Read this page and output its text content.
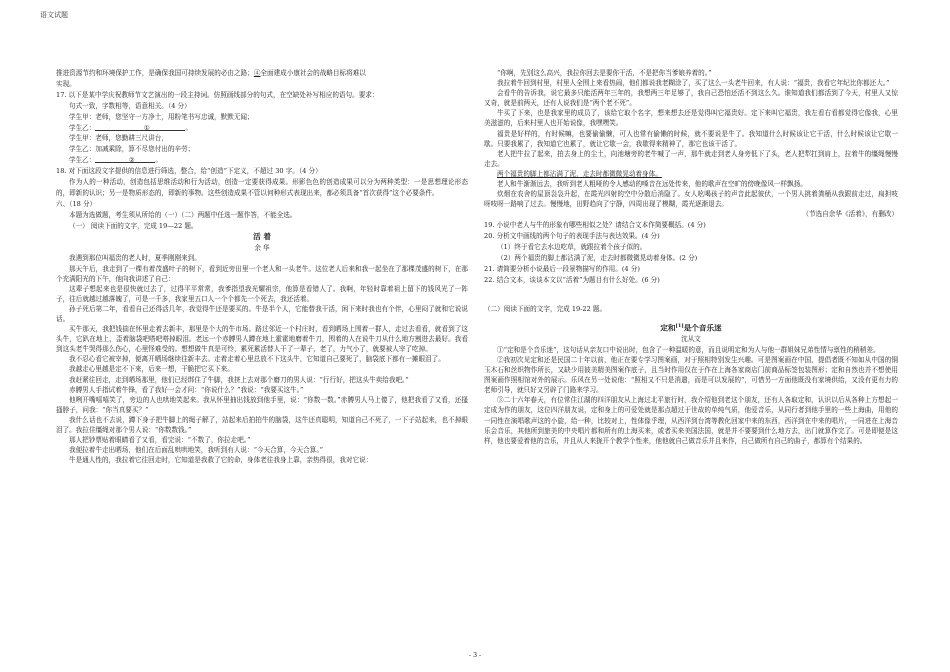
语文试题

推进资源节约和环境保护工作，是确保我国可持续发展的必由之路；④全面建成小康社会的战略目标将难以

实现。

17. 以下是某中学庆祝教师节文艺演出的一段主持词。仿照画线部分的句式，在空缺处补写相应的语句。要求：

句式一致，字数相等，语意相关。（4 分）

学生甲：老师，您坚守一方净土，用粉笔书写忠诚，默默无闻；

学生乙：	①	。

学生甲：老师，您勤耕三尺讲台，

学生乙：加减乘除，算不尽您付出的辛劳；

学生乙：	②	。

18. 对下面这段文字提供的信息进行筛选，整合，给“创造”下定义，不超过 30 字。（4 分）

作为人的一种活动，创造包括思维活动和行为活动，创造一定要获得成果。形影色色的创造成果可以分为两种类型：一是思想理论形态的，即新的认识；另一是物质形态的，即新的事物。这些创造成果不管以何种形式表现出来，都必须具备“首次获得”这个必要条件。

六、（18 分）

本题为选做题，考生须从所给的（一）（二）两题中任选一题作答，不能全选。

（一） 阅读下面的文字，完成 19—22 题。

活 着

余 华

我遇到那位叫福贵的老人时，夏季刚刚来到。

那天午后，我走到了一棵有着茂盛叶子的树下，看到近旁田里一个老人和一头老牛。这位老人后来和我一起坐在了那棵茂盛的树下，在那个充满阳光的下午，他向我讲述了自己：

这辈子想起来也是很快就过去了，过得平平常常，我爹指望我光耀祖宗，他算是看错人了。我啊，年轻时靠着祖上留下的钱风光了一阵子，往后就越过越落魄了，可是一千多，我家里五口人一个个都先一个死去，我还活着。

孙子死后第二年，看看自己还得活几年，我觉得牛还是要买的。牛是半个人，它能替我干活，闲下来时我也有个伴，心里闷了就和它说说话。

买牛那天，我把钱揣在怀里走着去新丰，那里是个大的牛市场。路过邻近一个村庄时，看到晒场上围着一群人，走过去看看，就看到了这头牛，它趴在地上，歪着脑袋吧嗒吧嗒掉眼泪。老远一个赤膊男人蹲在地上霍霍地磨着牛刀，围着的人在说牛刀从什么地方割进去最好。我看到这头老牛哭得那么伤心，心里怪难受的。想想做牛真是可怜，累死累活替人干了一辈子，老了，力气小了，就要被人宰了吃掉。

我不忍心看它被宰掉，便离开晒场继续往新丰去。走着走着心里总放不下这头牛，它知道自己要死了，脑袋底下都有一摊眼泪了。

我越走心里越是定不下来，后来一想，干脆把它买下来。

我赶紧往回走，走到晒场那里，他们已经绑住了牛脚，我挤上去对那个磨刀的男人说：“行行好，把这头牛卖给我吧。”

赤膊男人手指试着牛锋，看了我好一会才问：“你说什么？”我说：“我要买这牛。”

他咧开嘴嘻嘻笑了，旁边的人也哄地笑起来。我从怀里抽出钱放到他手里，说：“你数一数。”赤膊男人马上傻了，他把我看了又看，还搔搔脖子，问我：“你当真要买？”

我什么话也不去说，蹲下身子把牛脚上的绳子解了，站起来后拍拍牛的脑袋，这牛还真聪明，知道自己不死了，一下子站起来，也不掉眼泪了。我拉住缰绳对那个男人说：“你数数钱。”

那人把钞票贴着眼睛看了又看，看完说：“不数了，你拉走吧。”

我便拉着牛走出晒场，他们在后面乱哄哄地笑，我听到有人说：“今天合算，今天合算。”

牛是通人性的，我拉着它往回走时，它知道是我救了它的命，身体老往我身上靠，亲热得很，我对它说：

“你啊，先别这么高兴，我拉你回去是要你干活，不是把你当爹娘养着的。”

我拉着牛回到村里，村里人全围上来看热闹，他们都说我老糊涂了，买了这么一头老牛回来，有人说：“福贵，我看它年纪比你都还大。”

会看牛的告诉我，说它最多只能活两年三年的，我想两三年足够了，我自己恐怕还活不到这么久。谁知道我们都活到了今天，村里人又惊又奇，就是前两天，还有人说我们是“两个老不死”。

牛买了下来，也是我家里的成员了，该给它取个名字，想来想去还是觉得叫它福贵好。定下来叫它福贵，我左看右看都觉得它像我，心里美滋滋的，后来村里人也开始说像，我嘿嘿笑。

福贵是好样的，有时候嘛，也要偷偷懒，可人也常有偷懒的时候，就不要说是牛了。我知道什么时候该让它干活，什么时候该让它歇一歇。只要我累了，我知道它也累了，就让它歇一会，我歇得来精神了，那它也该干活了。

老人把牛拉了起来，拍去身上的尘土，向池塘旁的老牛喊了一声，那牛就走到老人身旁低下了头，老人把犁扛到肩上，拉着牛的缰绳慢慢走去。

两个福贵的脚上都沾满了泥，走去时都微微晃动着身体。

老人和牛渐渐远去，我听到老人粗哑的令人感动的嗓音在远处传来，他的歌声在空旷的傍晚像风一样飘扬。

炊烟在农舍的屋顶袅袅升起，在霞光四射的空中分散后消隐了。女人吆喝孩子的声音此起彼伏，一个男人挑着粪桶从我跟前走过，扁担吱呀吱呀一路响了过去。慢慢地，田野趋向了宁静，四周出现了模糊，霞光逐渐退去。

（节选自余华《活着》，有删改）

19. 小说中老人与牛的形象有哪些相似之处？请结合文本作简要概括。(4 分)

20. 分析文中画线的两个句子的表现手法与表达效果。(4 分)

（1）终于看它去水边吃草，就跟拉着个孩子似的。

（2）两个福贵的脚上都沾满了泥，走去时都微微晃动着身体。(2 分)

21. 请简要分析小说最后一段景物描写的作用。(4 分)

22. 结合文本，谈谈本文以“活着”为题目有什么好处。(6 分)

（二）阅读下面的文字，完成 19-22 题。

定和[1]是个音乐迷

沈从文

①“定和是个音乐迷”，这句话从亲友口中说出时，包含了一种温暖的意，而且说明定和为人与他一群姐妹兄弟性情与禀性的稍稍差。

②我初次见定和还是民国二十年以前，他正在要专学习图案画，对于照相特别发生兴趣。可是图案画在中国，提倡者既不知如从中国的铜玉木石和丝织物作所长，又缺少用彼美精美图案作底子，且当时作用仅在于作在上海各家商店门前商品标签包装图形；定和自然也并不想使用图案画作照相馆对外的展示。乐风在另一处说他：“照相又不只是消遣，而是可以发展的”，可惜另一方面他既没有家境供给，又没有更有力的老师引导，就只好又另辟了门路来学习。

③二十六年春天，有位常住江湖的四洋朋友从上海过北平旅行时，我介绍他到老这个朋友，还有人各取定和，认识以后从各种上方想起一定成为作的朋友，这位四洋朋友说，定和身上的可爱处就是那点超过于世故的单纯气质，他爱音乐，从同行者到他手里的一些上海曲，用他的一同性在演唱歌声这的小旋，给一种，比较对上，性体像乎理，从西洋到台湾等教化回家中来的东西，西洋到在中来的唱片，一同进在上海音乐会音乐，其他所到旅美的中央唱片都和所有的上海买来，或者买来美国法国，就是并不要要到什么地方去，出门就算作完了。可是即便是这样，他也要爱着他的音乐，并且从人来拢开个教学个性来，他他就自己做音乐并且来作，自己做所有自己的曲子，都算有个结果的。

- 3 -
